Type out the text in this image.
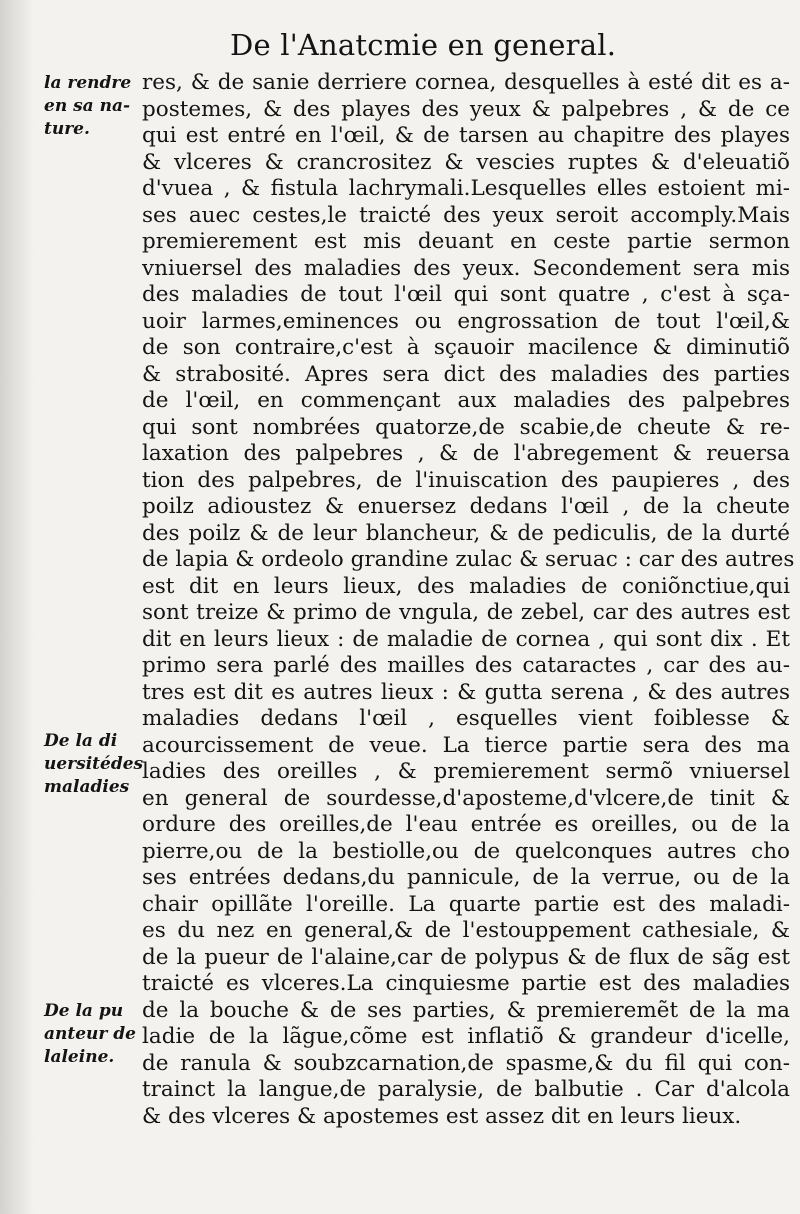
De l'Anatcmie en general.
la rendre
en sa na-
ture.
De la di
uersitédes
maladies
De la pu
anteur de
laleine.
res, & de sanie derriere cornea, desquelles à esté dit es a-
postemes, & des playes des yeux & palpebres , & de ce
qui est entré en l'œil, & de tarsen au chapitre des playes
& vlceres & crancrositez & vescies ruptes & d'eleuatiõ
d'vuea , & fistula lachrymali.Lesquelles elles estoient mi-
ses auec cestes,le traicté des yeux seroit accomply.Mais
premierement est mis deuant en ceste partie sermon
vniuersel des maladies des yeux. Secondement sera mis
des maladies de tout l'œil qui sont quatre , c'est à sça-
uoir larmes,eminences ou engrossation de tout l'œil,&
de son contraire,c'est à sçauoir macilence & diminutiõ
& strabosité. Apres sera dict des maladies des parties
de l'œil, en commençant aux maladies des palpebres
qui sont nombrées quatorze,de scabie,de cheute & re-
laxation des palpebres , & de l'abregement & reuersa
tion des palpebres, de l'inuiscation des paupieres , des
poilz adioustez & enuersez dedans l'œil , de la cheute
des poilz & de leur blancheur, & de pediculis, de la durté
de lapia & ordeolo grandine zulac & seruac : car des autres
est dit en leurs lieux, des maladies de coniõnctiue,qui
sont treize & primo de vngula, de zebel, car des autres est
dit en leurs lieux : de maladie de cornea , qui sont dix . Et
primo sera parlé des mailles des cataractes , car des au-
tres est dit es autres lieux : & gutta serena , & des autres
maladies dedans l'œil , esquelles vient foiblesse &
acourcissement de veue. La tierce partie sera des ma
ladies des oreilles , & premierement sermõ vniuersel
en general de sourdesse,d'aposteme,d'vlcere,de tinit &
ordure des oreilles,de l'eau entrée es oreilles, ou de la
pierre,ou de la bestiolle,ou de quelconques autres cho
ses entrées dedans,du pannicule, de la verrue, ou de la
chair opillãte l'oreille. La quarte partie est des maladi-
es du nez en general,& de l'estouppement cathesiale, &
de la pueur de l'alaine,car de polypus & de flux de sãg est
traicté es vlceres.La cinquiesme partie est des maladies
de la bouche & de ses parties, & premieremẽt de la ma
ladie de la lãgue,cõme est inflatiõ & grandeur d'icelle,
de ranula & soubzcarnation,de spasme,& du fil qui con-
trainct la langue,de paralysie, de balbutie . Car d'alcola
& des vlceres & apostemes est assez dit en leurs lieux.
